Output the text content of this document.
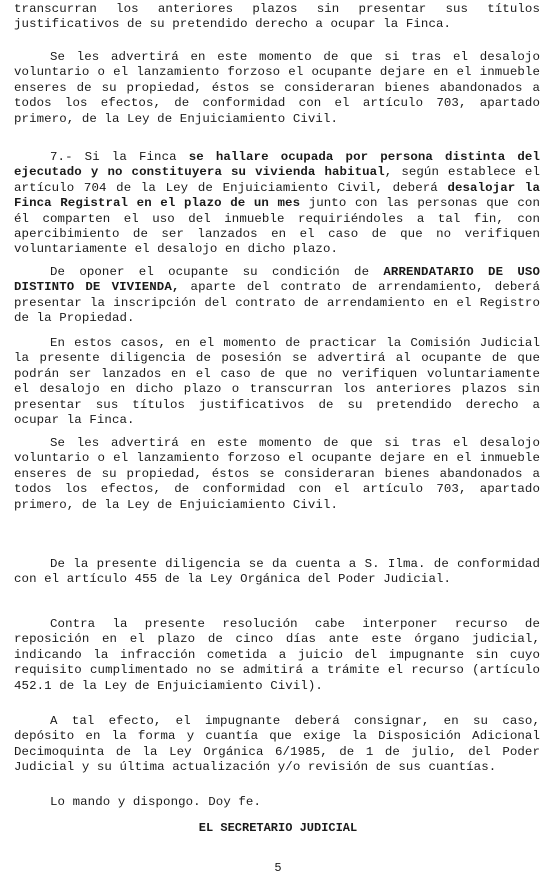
transcurran los anteriores plazos sin presentar sus títulos justificativos de su pretendido derecho a ocupar la Finca.
Se les advertirá en este momento de que si tras el desalojo voluntario o el lanzamiento forzoso el ocupante dejare en el inmueble enseres de su propiedad, éstos se consideraran bienes abandonados a todos los efectos, de conformidad con el artículo 703, apartado primero, de la Ley de Enjuiciamiento Civil.
7.- Si la Finca se hallare ocupada por persona distinta del ejecutado y no constituyera su vivienda habitual, según establece el artículo 704 de la Ley de Enjuiciamiento Civil, deberá desalojar la Finca Registral en el plazo de un mes junto con las personas que con él comparten el uso del inmueble requiriéndoles a tal fin, con apercibimiento de ser lanzados en el caso de que no verifiquen voluntariamente el desalojo en dicho plazo.
De oponer el ocupante su condición de ARRENDATARIO DE USO DISTINTO DE VIVIENDA, aparte del contrato de arrendamiento, deberá presentar la inscripción del contrato de arrendamiento en el Registro de la Propiedad.
En estos casos, en el momento de practicar la Comisión Judicial la presente diligencia de posesión se advertirá al ocupante de que podrán ser lanzados en el caso de que no verifiquen voluntariamente el desalojo en dicho plazo o transcurran los anteriores plazos sin presentar sus títulos justificativos de su pretendido derecho a ocupar la Finca.
Se les advertirá en este momento de que si tras el desalojo voluntario o el lanzamiento forzoso el ocupante dejare en el inmueble enseres de su propiedad, éstos se consideraran bienes abandonados a todos los efectos, de conformidad con el artículo 703, apartado primero, de la Ley de Enjuiciamiento Civil.
De la presente diligencia se da cuenta a S. Ilma. de conformidad con el artículo 455 de la Ley Orgánica del Poder Judicial.
Contra la presente resolución cabe interponer recurso de reposición en el plazo de cinco días ante este órgano judicial, indicando la infracción cometida a juicio del impugnante sin cuyo requisito cumplimentado no se admitirá a trámite el recurso (artículo 452.1 de la Ley de Enjuiciamiento Civil).
A tal efecto, el impugnante deberá consignar, en su caso, depósito en la forma y cuantía que exige la Disposición Adicional Decimoquinta de la Ley Orgánica 6/1985, de 1 de julio, del Poder Judicial y su última actualización y/o revisión de sus cuantías.
Lo mando y dispongo. Doy fe.
EL SECRETARIO JUDICIAL
5
